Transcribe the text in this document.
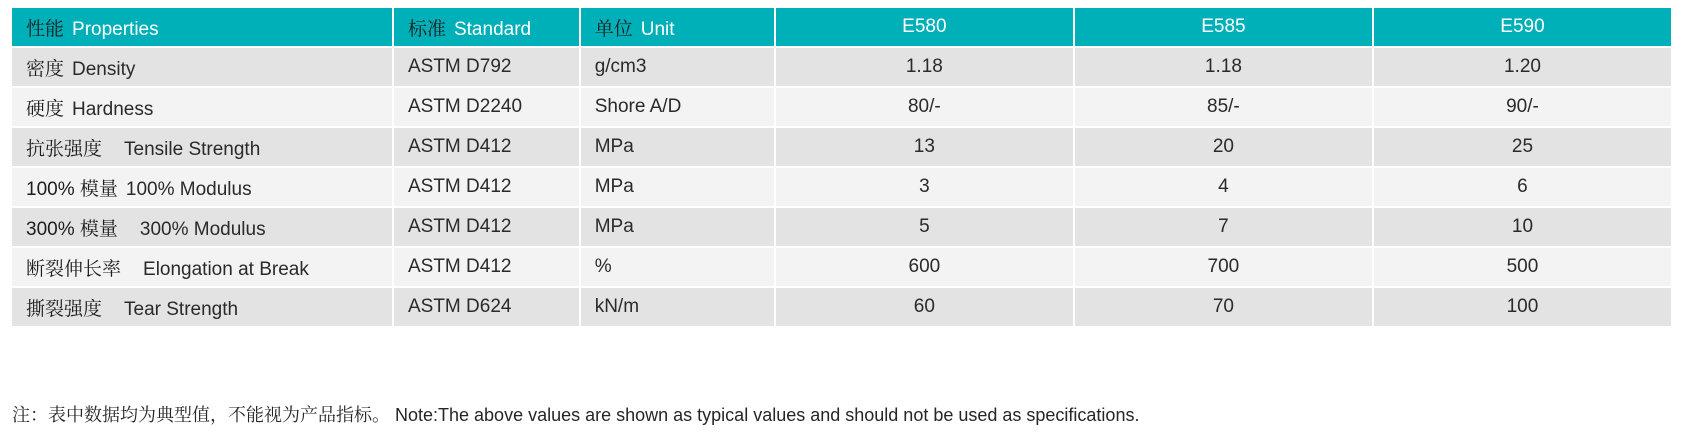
性能 Properties	标准 Standard	单位 Unit	E580	E585	E590
密度 Density	ASTM D792	g/cm3	1.18	1.18	1.20
硬度 Hardness	ASTM D2240	Shore A/D	80/-	85/-	90/-
抗张强度 Tensile Strength	ASTM D412	MPa	13	20	25
100% 模量 100% Modulus	ASTM D412	MPa	3	4	6
300% 模量 300% Modulus	ASTM D412	MPa	5	7	10
断裂伸长率 Elongation at Break	ASTM D412	%	600	700	500
撕裂强度 Tear Strength	ASTM D624	kN/m	60	70	100
注：表中数据均为典型值，不能视为产品指标。 Note:The above values are shown as typical values and should not be used as specifications.
